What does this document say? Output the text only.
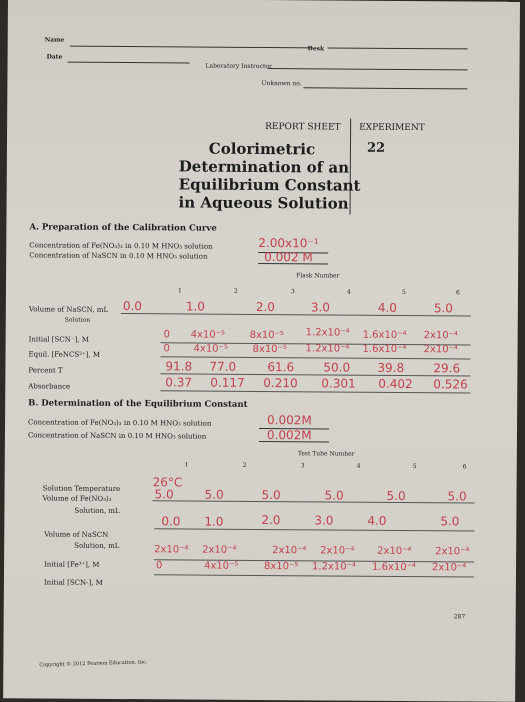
Name
Desk
Date
Laboratory Instructor
Unknown no.
REPORT SHEET EXPERIMENT
22
Colorimetric
Determination of an
Equilibrium Constant
in Aqueous Solution
A. Preparation of the Calibration Curve
Concentration of Fe(NO₃)₃ in 0.10 M HNO₃ solution	2.00x10⁻¹
Concentration of NaSCN in 0.10 M HNO₃ solution	0.002 M
Flask Number
1	2	3	4	5	6
Volume of NaSCN, mL
Solution
0.0	1.0	2.0	3.0	4.0	5.0
Initial [SCN⁻], M	0 4x10⁻⁵ 8x10⁻⁵ 1.2x10⁻⁴ 1.6x10⁻⁴ 2x10⁻⁴
Equil. [FeNCS²⁺], M
0 4x10⁻⁵ 8x10⁻⁵ 1.2x10⁻⁴ 1.6x10⁻⁴ 2x10⁻⁴
Percent T	91.8 77.0	61.6 50.0 39.8 29.6
Absorbance	0.37 0.117 0.210 0.301 0.402 0.526
B. Determination of the Equilibrium Constant
Concentration of Fe(NO₃)₃ in 0.10 M HNO₃ solution	0.002M
Concentration of NaSCN in 0.10 M HNO₃ solution	0.002M
Test Tube Number
1	2	3	4	5	6
Solution Temperature	26°C
Volume of Fe(NO₃)₃
Solution, mL
5.0	5.0	5.0	5.0	5.0	5.0
Volume of NaSCN
Solution, mL
0.0 1.0	2.0	3.0	4.0	5.0
Initial [Fe³⁺], M
2x10⁻⁴ 2x10⁻⁴	2x10⁻⁴ 2x10⁻⁴ 2x10⁻⁴ 2x10⁻⁴
Initial [SCN-], M
0	4x10⁻⁵	8x10⁻⁵ 1.2x10⁻⁴ 1.6x10⁻⁴ 2x10⁻⁴
287
Copyright © 2012 Pearson Education, Inc.
